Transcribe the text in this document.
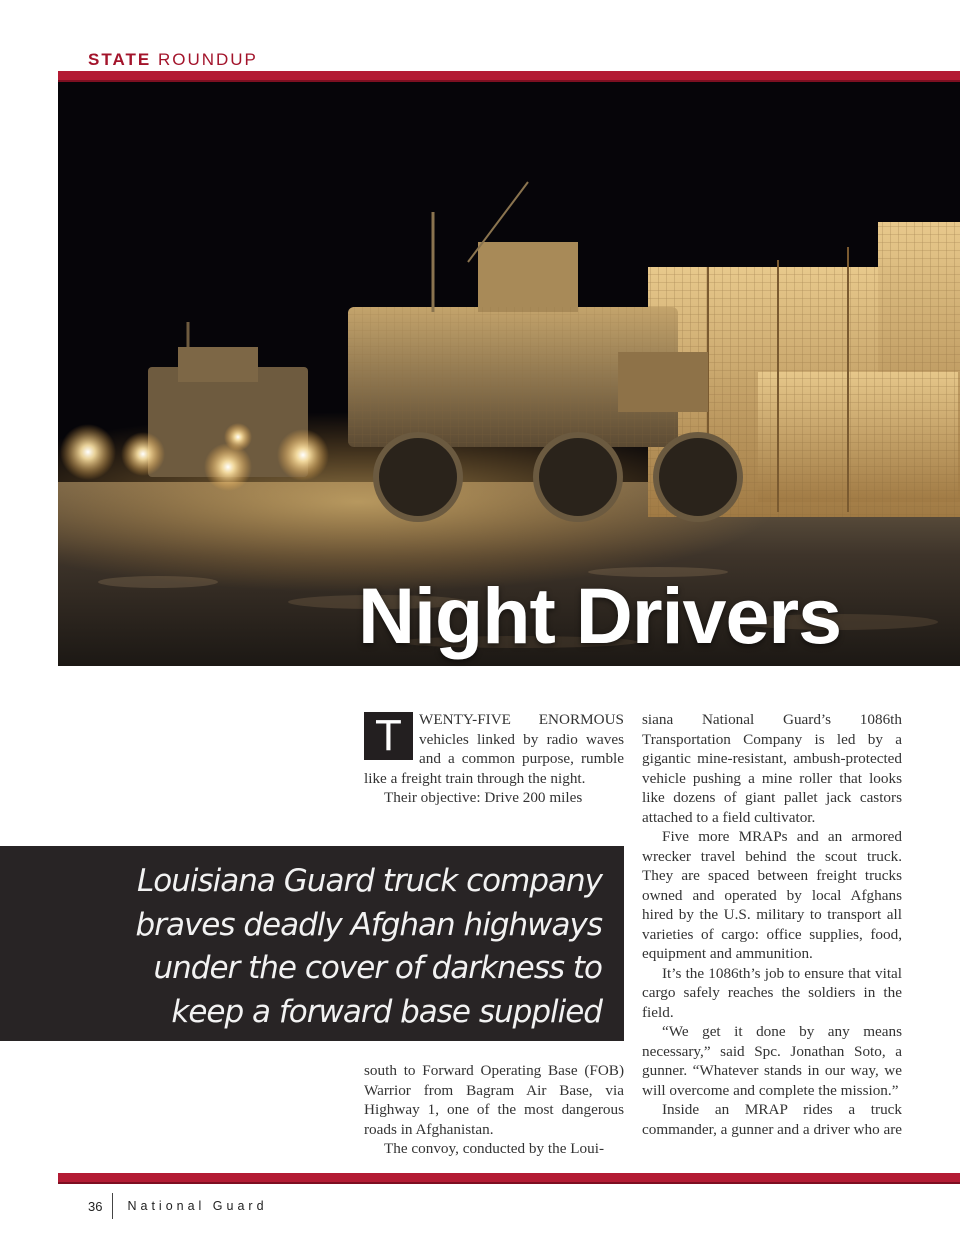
STATE ROUNDUP
Night Drivers

T	WENTY-FIVE ENORMOUS vehicles linked by radio waves and a common purpose, rumble like a freight train through the night.

Their objective: Drive 200 miles

Louisiana Guard truck company
braves deadly Afghan highways
under the cover of darkness to
keep a forward base supplied

south to Forward Operating Base (FOB) Warrior from Bagram Air Base, via Highway 1, one of the most dangerous roads in Afghanistan.

The convoy, conducted by the Loui-

siana National Guard’s 1086th Transportation Company is led by a gigantic mine-resistant, ambush-protected vehicle pushing a mine roller that looks like dozens of giant pallet jack castors attached to a field cultivator.

Five more MRAPs and an armored wrecker travel behind the scout truck. They are spaced between freight trucks owned and operated by local Afghans hired by the U.S. military to transport all varieties of cargo: office supplies, food, equipment and ammunition.

It’s the 1086th’s job to ensure that vital cargo safely reaches the soldiers in the field.

“We get it done by any means necessary,” said Spc. Jonathan Soto, a gunner. “Whatever stands in our way, we will overcome and complete the mission.”

Inside an MRAP rides a truck commander, a gunner and a driver who are

36 National Guard
